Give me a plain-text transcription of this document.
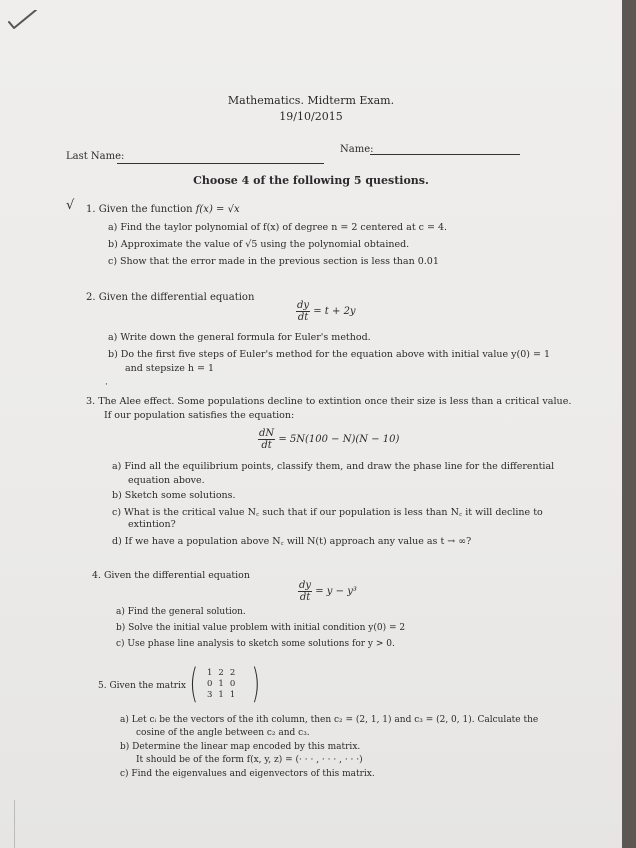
Mathematics. Midterm Exam.
19/10/2015
Last Name:
Name:
Choose 4 of the following 5 questions.
√ 1. Given the function f(x) = √x
a) Find the taylor polynomial of f(x) of degree n = 2 centered at c = 4.
b) Approximate the value of √5 using the polynomial obtained.
c) Show that the error made in the previous section is less than 0.01
2. Given the differential equation
$\frac{dy}{dt} = t + 2y$
a) Write down the general formula for Euler's method.
b) Do the first five steps of Euler's method for the equation above with initial value y(0) = 1
and stepsize h = 1
·
3. The Alee effect. Some populations decline to extintion once their size is less than a critical value.
If our population satisfies the equation:
$\frac{dN}{dt} = 5N(100 - N)(N - 10)$
a) Find all the equilibrium points, classify them, and draw the phase line for the differential
equation above.
b) Sketch some solutions.
c) What is the critical value N꜀ such that if our population is less than N꜀ it will decline to
extintion?
d) If we have a population above N꜀ will N(t) approach any value as t → ∞?
4. Given the differential equation
$\frac{dy}{dt} = y - y^3$
a) Find the general solution.
b) Solve the initial value problem with initial condition y(0) = 2
c) Use phase line analysis to sketch some solutions for y > 0.
5. Given the matrix ( 1	2	2
0	1	0
3	1	1 )
a) Let cᵢ be the vectors of the ith column, then c₂ = (2, 1, 1) and c₃ = (2, 0, 1). Calculate the
cosine of the angle between c₂ and c₃.
b) Determine the linear map encoded by this matrix.
It should be of the form f(x, y, z) = (· · · , · · · , · · ·)
c) Find the eigenvalues and eigenvectors of this matrix.
